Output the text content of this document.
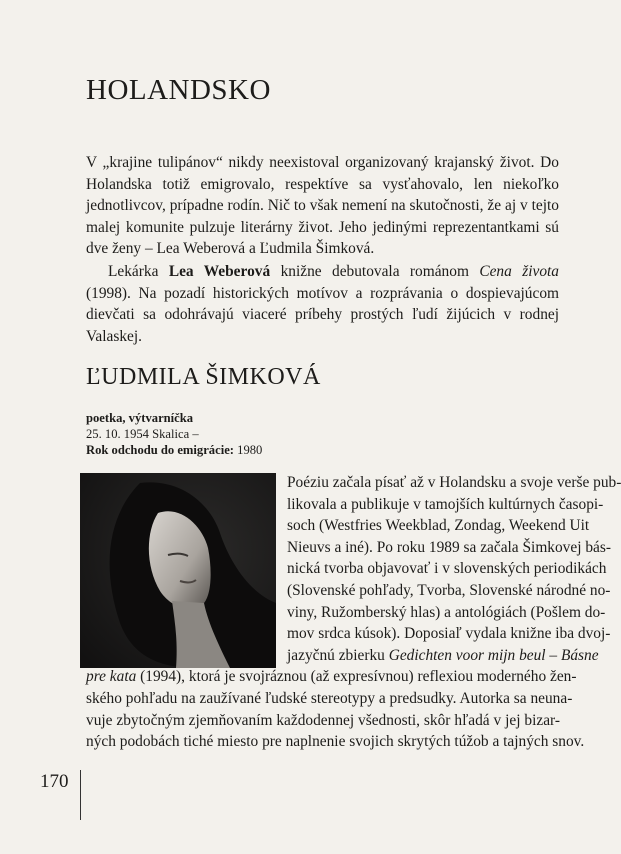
HOLANDSKO

V „krajine tulipánov“ nikdy neexistoval organizovaný krajanský život. Do Holandska totiž emigrovalo, respektíve sa vysťahovalo, len niekoľko jednotlivcov, prípadne rodín. Nič to však nemení na skutočnosti, že aj v tejto malej komunite pulzuje literárny život. Jeho jedinými reprezentantkami sú dve ženy – Lea Weberová a Ľudmila Šimková.

Lekárka Lea Weberová knižne debutovala románom Cena života (1998). Na pozadí historických motívov a rozprávania o dospievajúcom dievčati sa odohrávajú viaceré príbehy prostých ľudí žijúcich v rodnej Valaskej.

ĽUDMILA ŠIMKOVÁ
poetka, výtvarníčka
25. 10. 1954 Skalica –
Rok odchodu do emigrácie: 1980
Poéziu začala písať až v Holandsku a svoje verše pub-
likovala a publikuje v tamojších kultúrnych časopi-
soch (Westfries Weekblad, Zondag, Weekend Uit
Nieuvs a iné). Po roku 1989 sa začala Šimkovej bás-
nická tvorba objavovať i v slovenských periodikách
(Slovenské pohľady, Tvorba, Slovenské národné no-
viny, Ružomberský hlas) a antológiách (Pošlem do-
mov srdca kúsok). Doposiaľ vydala knižne iba dvoj-
jazyčnú zbierku Gedichten voor mijn beul – Básne
pre kata (1994), ktorá je svojráznou (až expresívnou) reflexiou moderného žen-
ského pohľadu na zaužívané ľudské stereotypy a predsudky. Autorka sa neuna-
vuje zbytočným zjemňovaním každodennej všednosti, skôr hľadá v jej bizar-
ných podobách tiché miesto pre naplnenie svojich skrytých túžob a tajných snov.
170
